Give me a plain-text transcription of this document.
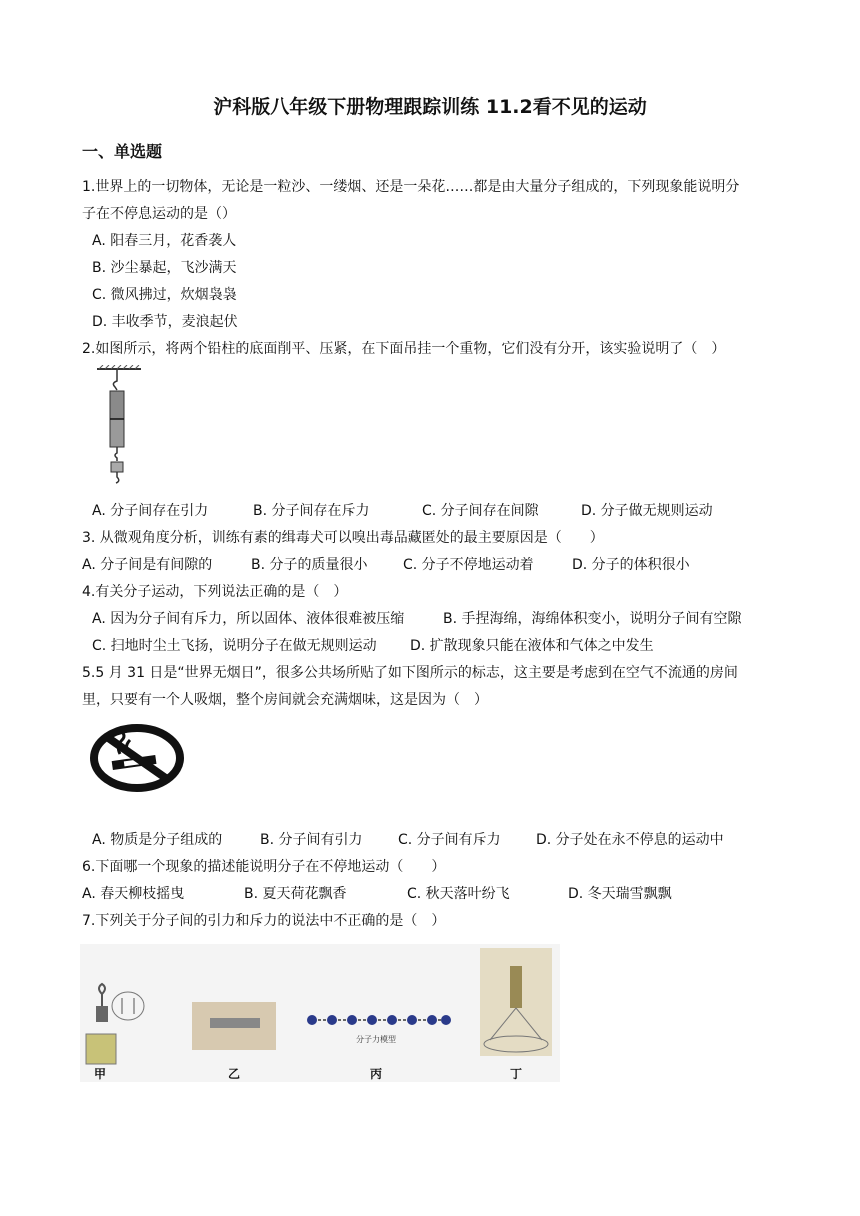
沪科版八年级下册物理跟踪训练 11.2看不见的运动
一、单选题
1.世界上的一切物体，无论是一粒沙、一缕烟、还是一朵花……都是由大量分子组成的，下列现象能说明分
子在不停息运动的是（）
A. 阳春三月，花香袭人
B. 沙尘暴起，飞沙满天
C. 微风拂过，炊烟袅袅
D. 丰收季节，麦浪起伏
2.如图所示，将两个铅柱的底面削平、压紧，在下面吊挂一个重物，它们没有分开，该实验说明了（　）
A. 分子间存在引力	B. 分子间存在斥力	C. 分子间存在间隙	D. 分子做无规则运动
3. 从微观角度分析，训练有素的缉毒犬可以嗅出毒品藏匿处的最主要原因是（　　）
A. 分子间是有间隙的	B. 分子的质量很小	C. 分子不停地运动着	D. 分子的体积很小
4.有关分子运动，下列说法正确的是（　）
A. 因为分子间有斥力，所以固体、液体很难被压缩	B. 手捏海绵，海绵体积变小，说明分子间有空隙
C. 扫地时尘土飞扬，说明分子在做无规则运动 D. 扩散现象只能在液体和气体之中发生
5.5 月 31 日是“世界无烟日”，很多公共场所贴了如下图所示的标志，这主要是考虑到在空气不流通的房间
里，只要有一个人吸烟，整个房间就会充满烟味，这是因为（　）
A. 物质是分子组成的	B. 分子间有引力	C. 分子间有斥力	D. 分子处在永不停息的运动中
6.下面哪一个现象的描述能说明分子在不停地运动（　　）
A. 春天柳枝摇曳	B. 夏天荷花飘香	C. 秋天落叶纷飞	D. 冬天瑞雪飘飘
7.下列关于分子间的引力和斥力的说法中不正确的是（　）
分子力模型
甲	乙	丙	丁
